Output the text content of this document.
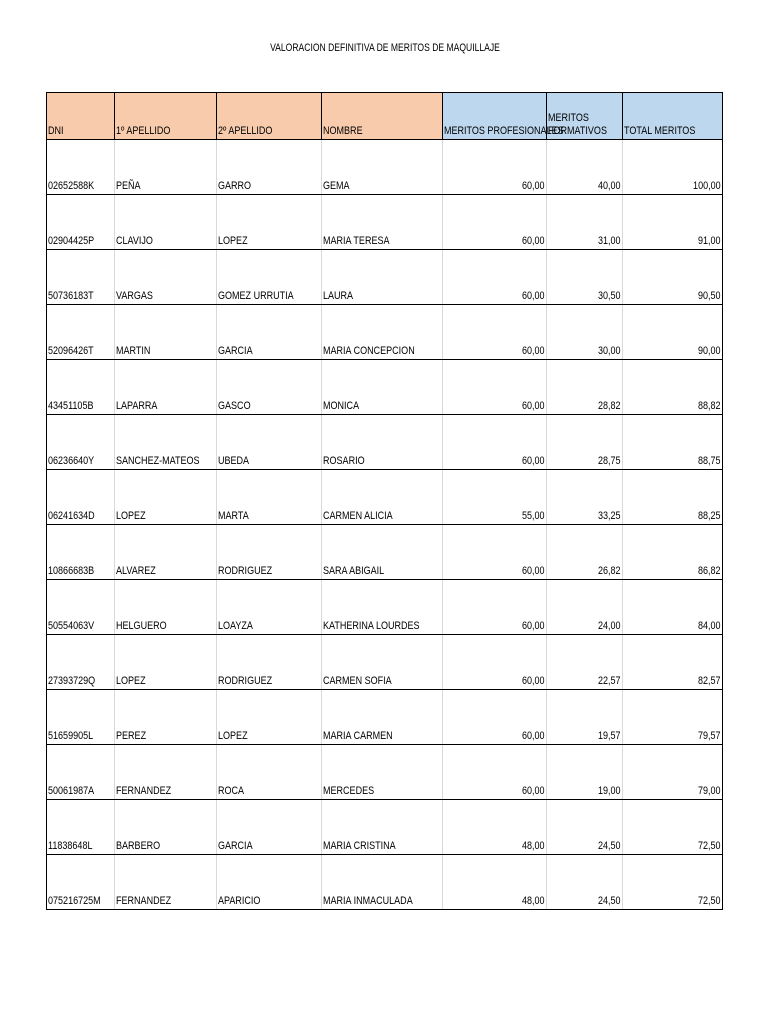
VALORACION DEFINITIVA DE MERITOS DE MAQUILLAJE
DNI	1º APELLIDO	2º APELLIDO	NOMBRE	MERITOS PROFESIONALES	MERITOS FORMATIVOS	TOTAL MERITOS
02652588K	PEÑA	GARRO	GEMA	60,00	40,00	100,00
02904425P	CLAVIJO	LOPEZ	MARIA TERESA	60,00	31,00	91,00
50736183T	VARGAS	GOMEZ URRUTIA	LAURA	60,00	30,50	90,50
52096426T	MARTIN	GARCIA	MARIA CONCEPCION	60,00	30,00	90,00
43451105B	LAPARRA	GASCO	MONICA	60,00	28,82	88,82
06236640Y	SANCHEZ-MATEOS	UBEDA	ROSARIO	60,00	28,75	88,75
06241634D	LOPEZ	MARTA	CARMEN ALICIA	55,00	33,25	88,25
10866683B	ALVAREZ	RODRIGUEZ	SARA ABIGAIL	60,00	26,82	86,82
50554063V	HELGUERO	LOAYZA	KATHERINA LOURDES	60,00	24,00	84,00
27393729Q	LOPEZ	RODRIGUEZ	CARMEN SOFIA	60,00	22,57	82,57
51659905L	PEREZ	LOPEZ	MARIA CARMEN	60,00	19,57	79,57
50061987A	FERNANDEZ	ROCA	MERCEDES	60,00	19,00	79,00
11838648L	BARBERO	GARCIA	MARIA CRISTINA	48,00	24,50	72,50
075216725M	FERNANDEZ	APARICIO	MARIA INMACULADA	48,00	24,50	72,50
